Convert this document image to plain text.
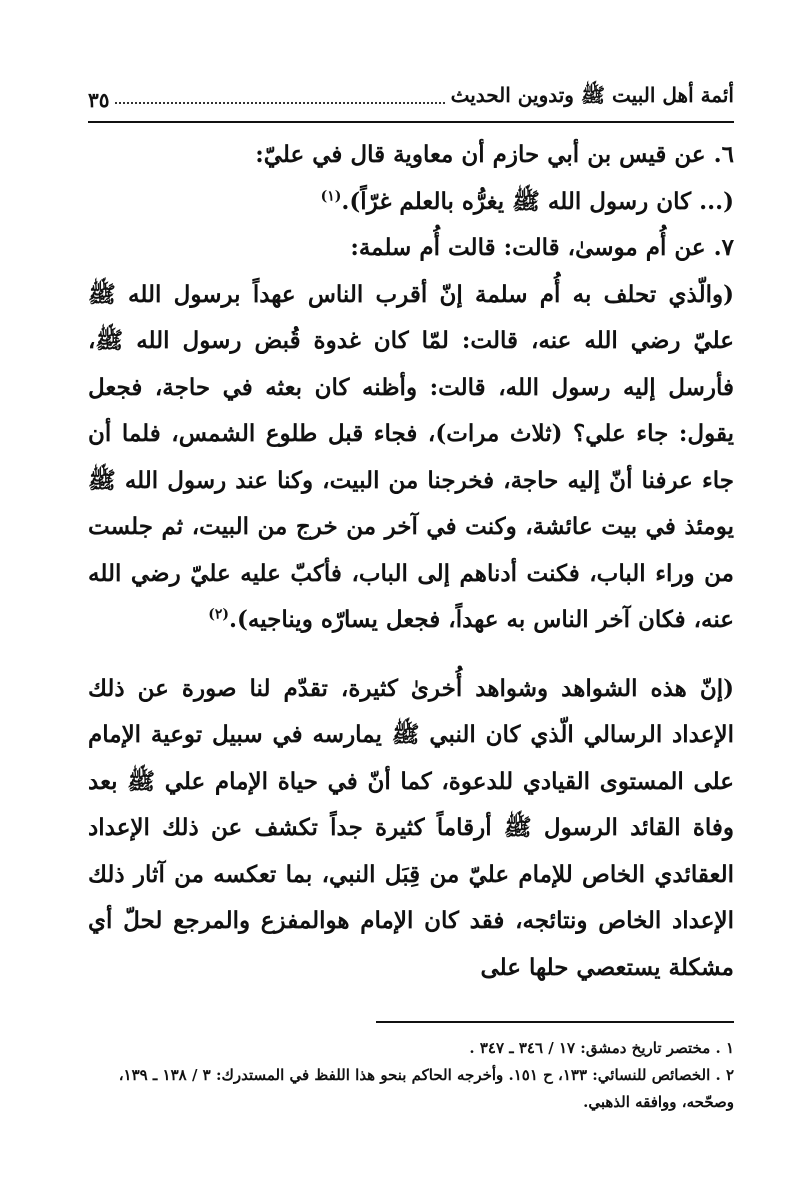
أئمة أهل البيت ﷺ وتدوين الحديث
٣٥

٦. عن قيس بن أبي حازم أن معاوية قال في عليّ:

(... كان رسول الله ﷺ يغرُّه بالعلم غرّاً).$^{(١)}$

٧. عن أُم موسىٰ، قالت: قالت أُم سلمة:

(والّذي تحلف به أُم سلمة إنّ أقرب الناس عهداً برسول الله ﷺ عليّ رضي الله عنه، قالت: لمّا كان غدوة قُبض رسول الله ﷺ، فأرسل إليه رسول الله، قالت: وأظنه كان بعثه في حاجة، فجعل يقول: جاء علي؟ (ثلاث مرات)، فجاء قبل طلوع الشمس، فلما أن جاء عرفنا أنّ إليه حاجة، فخرجنا من البيت، وكنا عند رسول الله ﷺ يومئذ في بيت عائشة، وكنت في آخر من خرج من البيت، ثم جلست من وراء الباب، فكنت أدناهم إلى الباب، فأكبّ عليه عليّ رضي الله عنه، فكان آخر الناس به عهداً، فجعل يسارّه ويناجيه).$^{(٢)}$

(إنّ هذه الشواهد وشواهد أُخرىٰ كثيرة، تقدّم لنا صورة عن ذلك الإعداد الرسالي الّذي كان النبي ﷺ يمارسه في سبيل توعية الإمام على المستوى القيادي للدعوة، كما أنّ في حياة الإمام علي ﷺ بعد وفاة القائد الرسول ﷺ أرقاماً كثيرة جداً تكشف عن ذلك الإعداد العقائدي الخاص للإمام عليّ من قِبَل النبي، بما تعكسه من آثار ذلك الإعداد الخاص ونتائجه، فقد كان الإمام هوالمفزع والمرجع لحلّ أي مشكلة يستعصي حلها على

١ . مختصر تاريخ دمشق: ١٧ / ٣٤٦ ـ ٣٤٧ .

٢ . الخصائص للنسائي: ١٣٣، ح ١٥١. وأخرجه الحاكم بنحو هذا اللفظ في المستدرك: ٣ / ١٣٨ ـ ١٣٩، وصحّحه، ووافقه الذهبي.
